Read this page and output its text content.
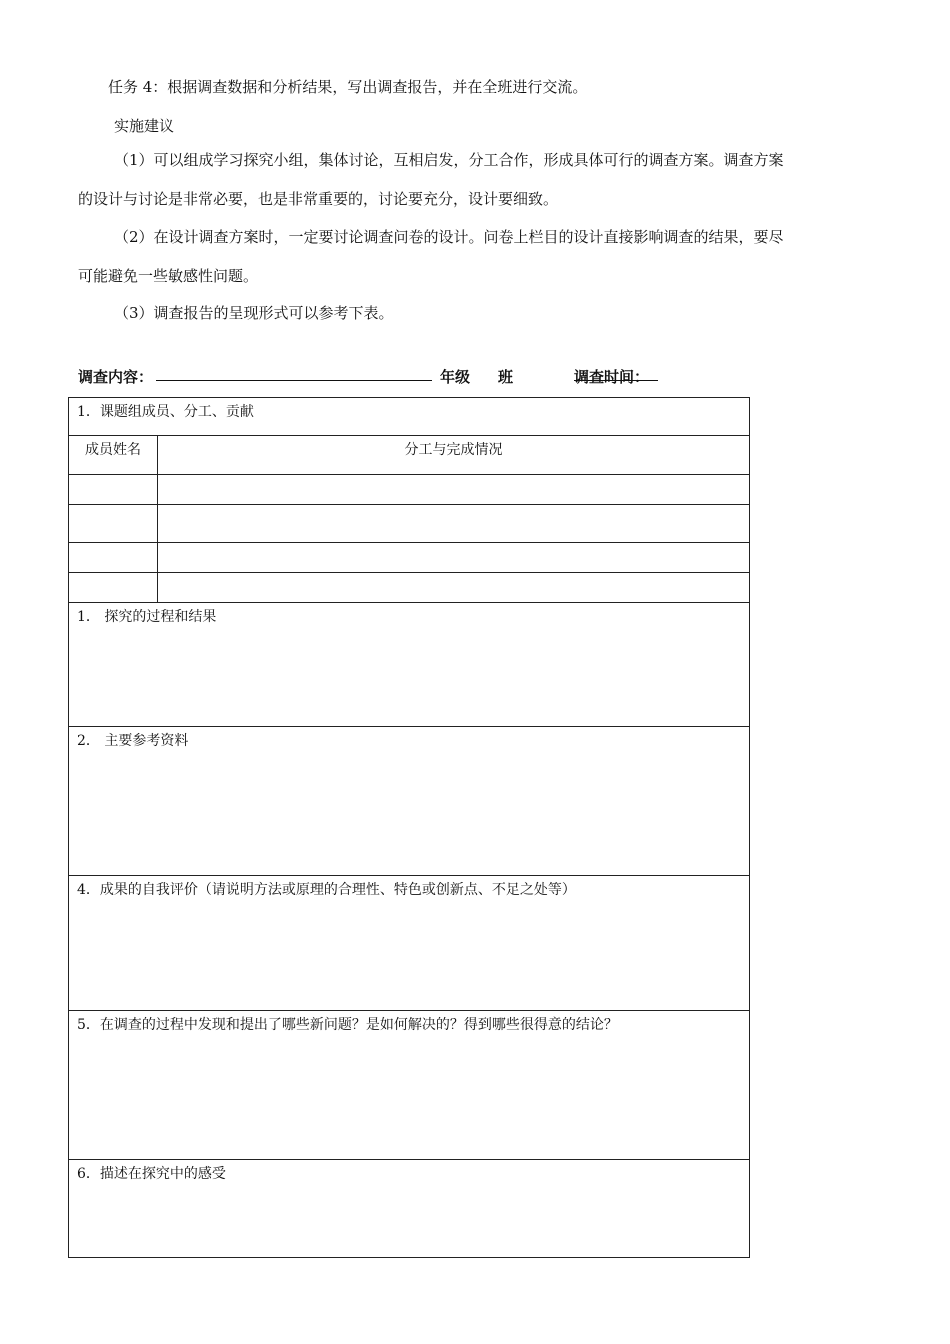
任务 4：根据调查数据和分析结果，写出调查报告，并在全班进行交流。

实施建议

（1）可以组成学习探究小组，集体讨论，互相启发，分工合作，形成具体可行的调查方案。调查方案

的设计与讨论是非常必要，也是非常重要的，讨论要充分，设计要细致。

（2）在设计调查方案时，一定要讨论调查问卷的设计。问卷上栏目的设计直接影响调查的结果，要尽

可能避免一些敏感性问题。

（3）调查报告的呈现形式可以参考下表。

调查内容：	年级 班	调查时间：
1．课题组成员、分工、贡献	
成员姓名	分工与完成情况

1． 探究的过程和结果	
2． 主要参考资料	
4．成果的自我评价（请说明方法或原理的合理性、特色或创新点、不足之处等）	
5．在调查的过程中发现和提出了哪些新问题？是如何解决的？得到哪些很得意的结论？	
6．描述在探究中的感受	
